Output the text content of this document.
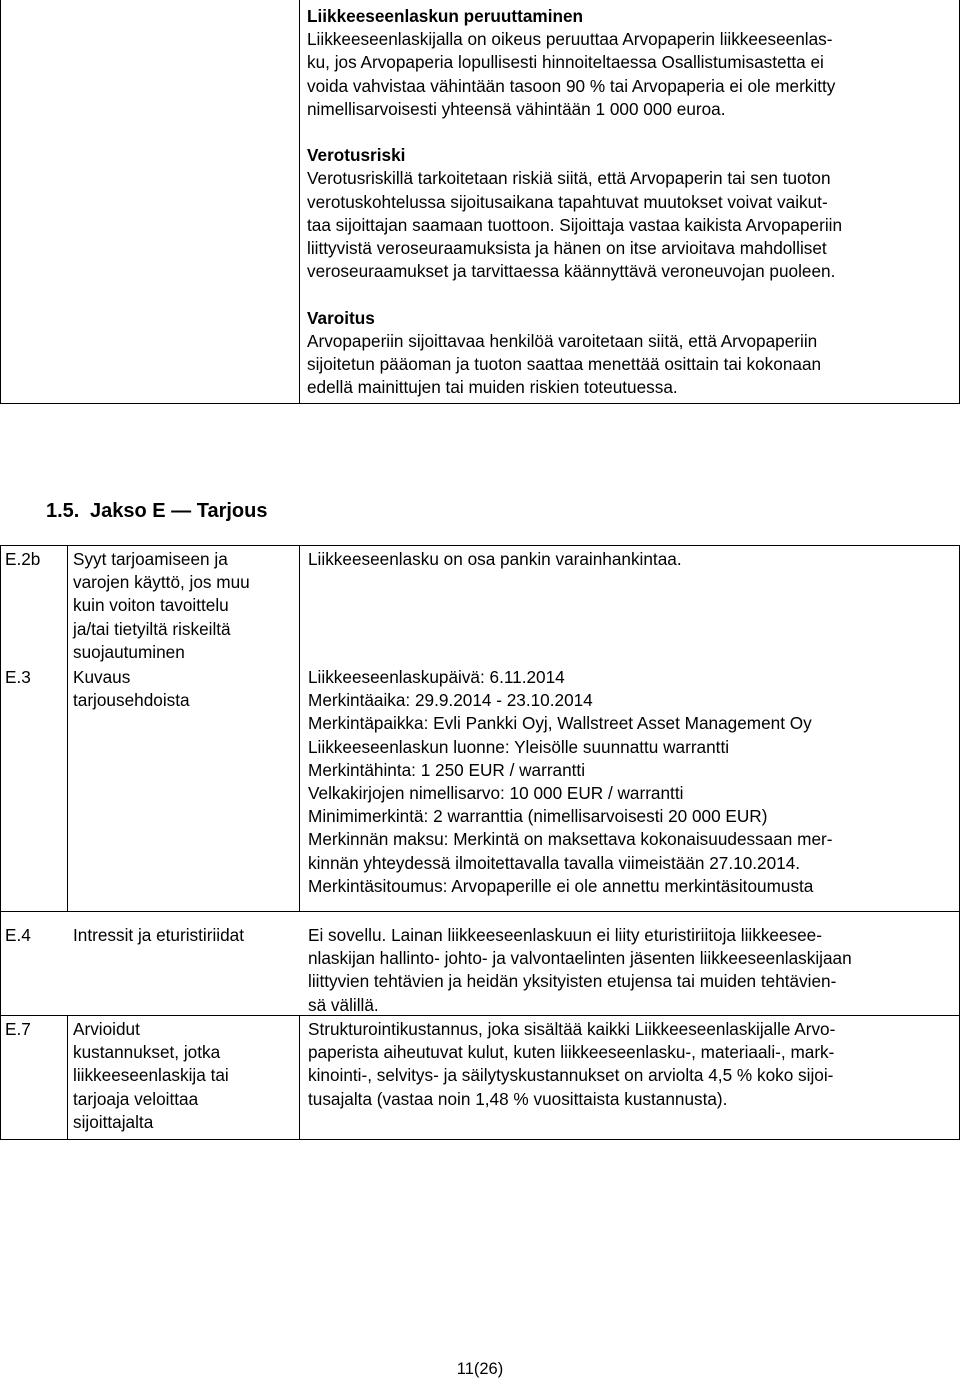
Liikkeeseenlaskun peruuttaminen

Liikkeeseenlaskijalla on oikeus peruuttaa Arvopaperin liikkeeseenlas-

ku, jos Arvopaperia lopullisesti hinnoiteltaessa Osallistumisastetta ei

voida vahvistaa vähintään tasoon 90 % tai Arvopaperia ei ole merkitty

nimellisarvoisesti yhteensä vähintään 1 000 000 euroa.

Verotusriski

Verotusriskillä tarkoitetaan riskiä siitä, että Arvopaperin tai sen tuoton

verotuskohtelussa sijoitusaikana tapahtuvat muutokset voivat vaikut-

taa sijoittajan saamaan tuottoon. Sijoittaja vastaa kaikista Arvopaperiin

liittyvistä veroseuraamuksista ja hänen on itse arvioitava mahdolliset

veroseuraamukset ja tarvittaessa käännyttävä veroneuvojan puoleen.

Varoitus

Arvopaperiin sijoittavaa henkilöä varoitetaan siitä, että Arvopaperiin

sijoitetun pääoman ja tuoton saattaa menettää osittain tai kokonaan

edellä mainittujen tai muiden riskien toteutuessa.

1.5. Jakso E — Tarjous
E.2b Syyt tarjoamiseen ja

varojen käyttö, jos muu

kuin voiton tavoittelu

ja/tai tietyiltä riskeiltä

suojautuminen

Liikkeeseenlasku on osa pankin varainhankintaa.

E.3 Kuvaus

tarjousehdoista

Liikkeeseenlaskupäivä: 6.11.2014

Merkintäaika: 29.9.2014 - 23.10.2014

Merkintäpaikka: Evli Pankki Oyj, Wallstreet Asset Management Oy

Liikkeeseenlaskun luonne: Yleisölle suunnattu warrantti

Merkintähinta: 1 250 EUR / warrantti

Velkakirjojen nimellisarvo: 10 000 EUR / warrantti

Minimimerkintä: 2 warranttia (nimellisarvoisesti 20 000 EUR)

Merkinnän maksu: Merkintä on maksettava kokonaisuudessaan mer-

kinnän yhteydessä ilmoitettavalla tavalla viimeistään 27.10.2014.

Merkintäsitoumus: Arvopaperille ei ole annettu merkintäsitoumusta

E.4 Intressit ja eturistiriidat	Ei sovellu. Lainan liikkeeseenlaskuun ei liity eturistiriitoja liikkeesee-

nlaskijan hallinto- johto- ja valvontaelinten jäsenten liikkeeseenlaskijaan

liittyvien tehtävien ja heidän yksityisten etujensa tai muiden tehtävien-

sä välillä.

E.7 Arvioidut

kustannukset, jotka

liikkeeseenlaskija tai

tarjoaja veloittaa

sijoittajalta

Strukturointikustannus, joka sisältää kaikki Liikkeeseenlaskijalle Arvo-

paperista aiheutuvat kulut, kuten liikkeeseenlasku-, materiaali-, mark-

kinointi-, selvitys- ja säilytyskustannukset on arviolta 4,5 % koko sijoi-

tusajalta (vastaa noin 1,48 % vuosittaista kustannusta).

11(26)
